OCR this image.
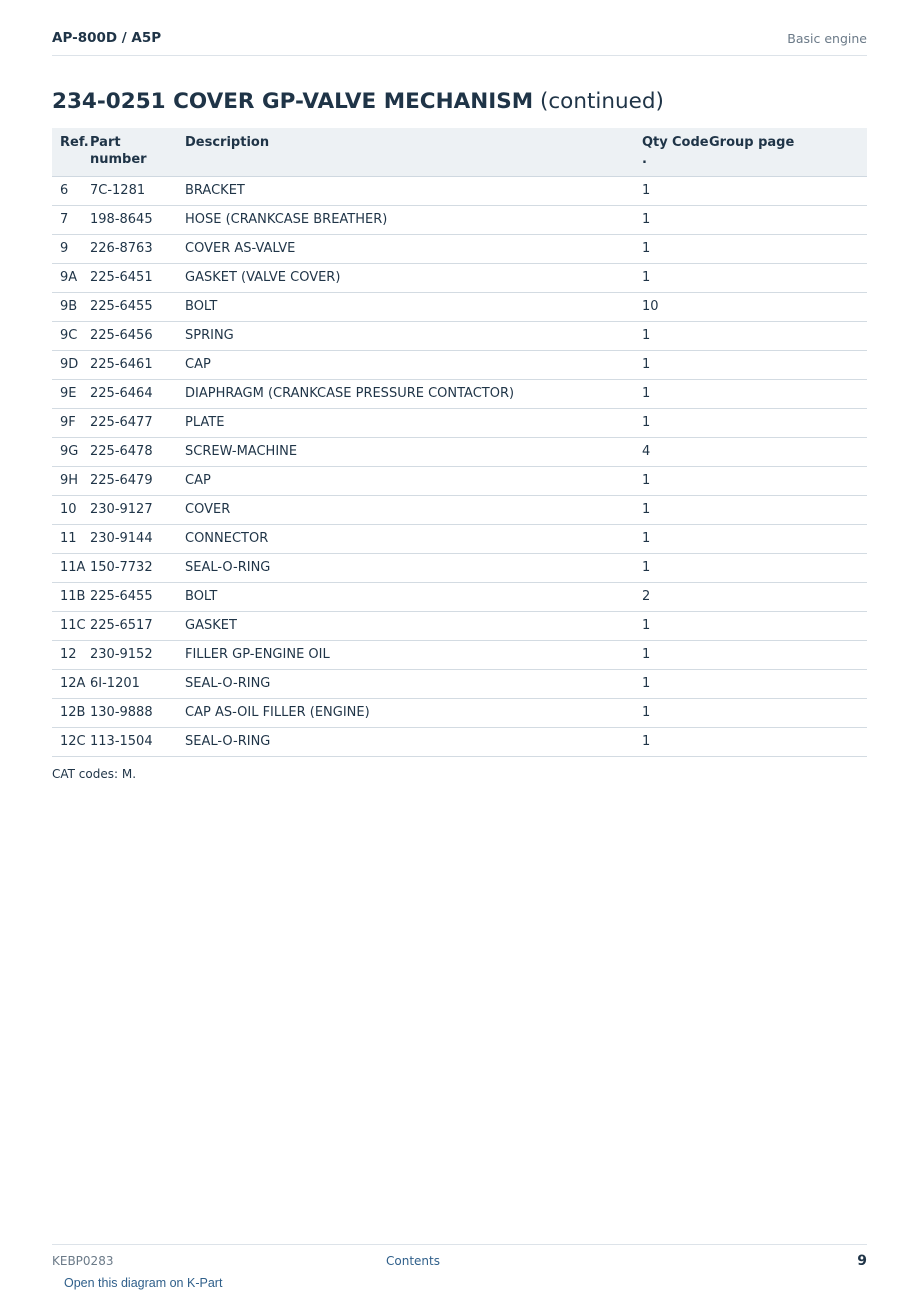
AP-800D / A5P	Basic engine
234-0251 COVER GP-VALVE MECHANISM (continued)
Ref.	Part number	Description	Qty .	Code	Group page
6	7C-1281	BRACKET	1		
7	198-8645	HOSE (CRANKCASE BREATHER)	1		
9	226-8763	COVER AS-VALVE	1		
9A	225-6451	GASKET (VALVE COVER)	1		
9B	225-6455	BOLT	10		
9C	225-6456	SPRING	1		
9D	225-6461	CAP	1		
9E	225-6464	DIAPHRAGM (CRANKCASE PRESSURE CONTACTOR)	1		
9F	225-6477	PLATE	1		
9G	225-6478	SCREW-MACHINE	4		
9H	225-6479	CAP	1		
10	230-9127	COVER	1		
11	230-9144	CONNECTOR	1		
11A	150-7732	SEAL-O-RING	1		
11B	225-6455	BOLT	2		
11C	225-6517	GASKET	1		
12	230-9152	FILLER GP-ENGINE OIL	1		
12A	6I-1201	SEAL-O-RING	1		
12B	130-9888	CAP AS-OIL FILLER (ENGINE)	1		
12C	113-1504	SEAL-O-RING	1		
CAT codes: M.
KEBP0283	Contents	9
Open this diagram on K-Part
